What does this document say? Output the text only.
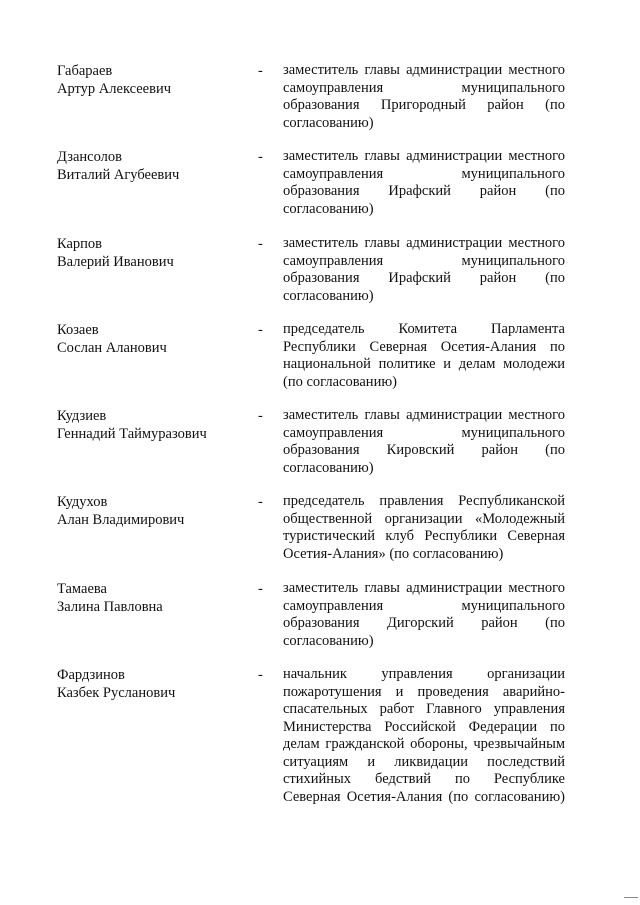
Габараев
Артур Алексеевич
- заместитель главы администрации местного
самоуправления муниципального
образования Пригородный район (по
согласованию)
Дзансолов
Виталий Агубеевич
- заместитель главы администрации местного
самоуправления муниципального
образования Ирафский район (по
согласованию)
Карпов
Валерий Иванович
- заместитель главы администрации местного
самоуправления муниципального
образования Ирафский район (по
согласованию)
Козаев
Сослан Аланович
- председатель Комитета Парламента
Республики Северная Осетия-Алания по
национальной политике и делам молодежи
(по согласованию)
Кудзиев
Геннадий Таймуразович
- заместитель главы администрации местного
самоуправления муниципального
образования Кировский район (по
согласованию)
Кудухов
Алан Владимирович
- председатель правления Республиканской
общественной организации «Молодежный
туристический клуб Республики Северная
Осетия-Алания» (по согласованию)
Тамаева
Залина Павловна
- заместитель главы администрации местного
самоуправления муниципального
образования Дигорский район (по
согласованию)
Фардзинов
Казбек Русланович
- начальник управления организации
пожаротушения и проведения аварийно-
спасательных работ Главного управления
Министерства Российской Федерации по
делам гражданской обороны, чрезвычайным
ситуациям и ликвидации последствий
стихийных бедствий по Республике
Северная Осетия-Алания (по согласованию)
